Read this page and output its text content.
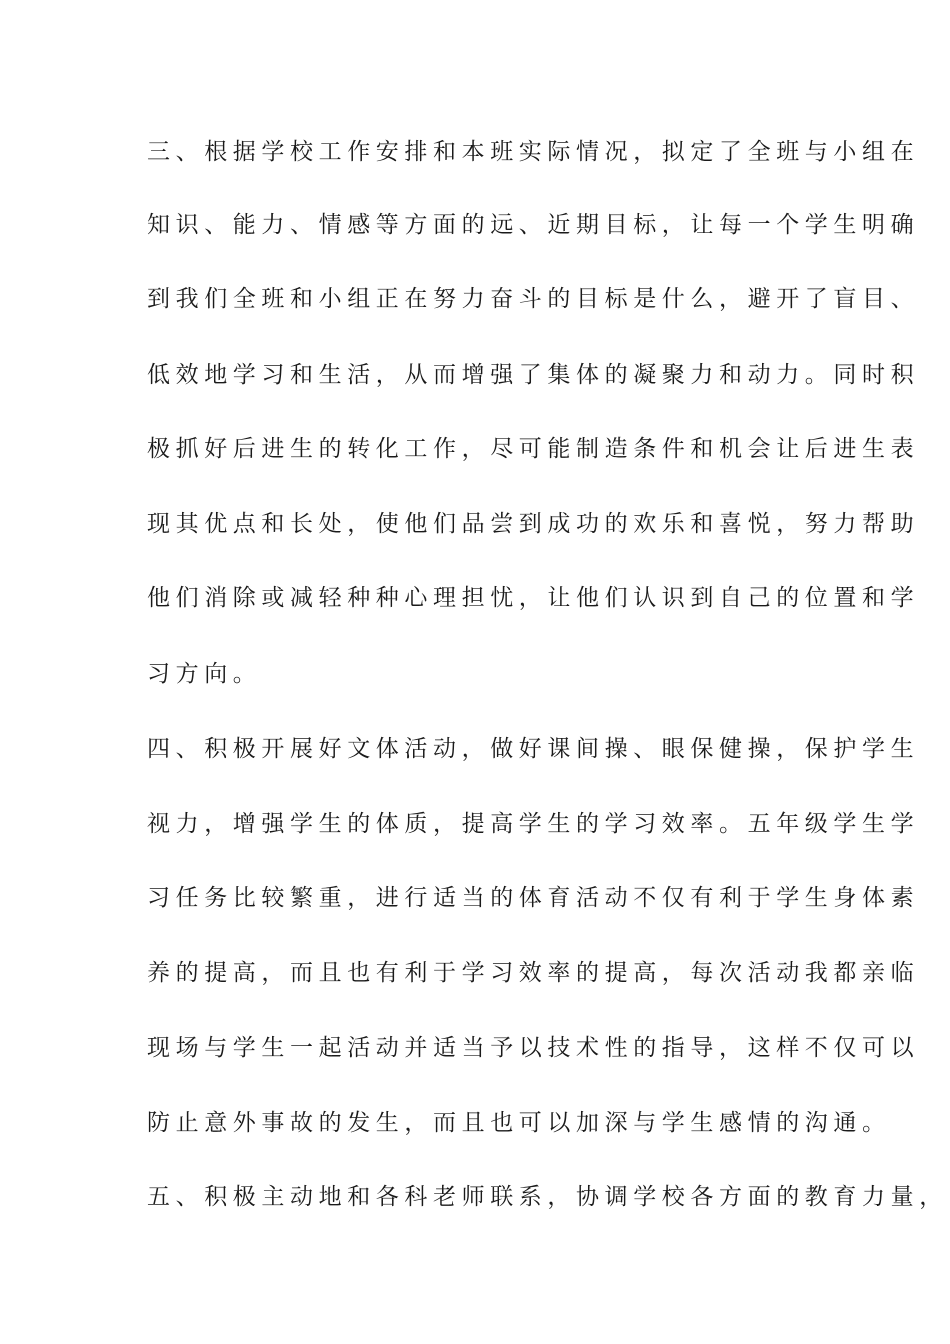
三、根据学校工作安排和本班实际情况，拟定了全班与小组在
知识、能力、情感等方面的远、近期目标，让每一个学生明确
到我们全班和小组正在努力奋斗的目标是什么，避开了盲目、
低效地学习和生活，从而增强了集体的凝聚力和动力。同时积
极抓好后进生的转化工作，尽可能制造条件和机会让后进生表
现其优点和长处，使他们品尝到成功的欢乐和喜悦，努力帮助
他们消除或减轻种种心理担忧，让他们认识到自己的位置和学
习方向。
四、积极开展好文体活动，做好课间操、眼保健操，保护学生
视力，增强学生的体质，提高学生的学习效率。五年级学生学
习任务比较繁重，进行适当的体育活动不仅有利于学生身体素
养的提高，而且也有利于学习效率的提高，每次活动我都亲临
现场与学生一起活动并适当予以技术性的指导，这样不仅可以
防止意外事故的发生，而且也可以加深与学生感情的沟通。
五、积极主动地和各科老师联系，协调学校各方面的教育力量，
